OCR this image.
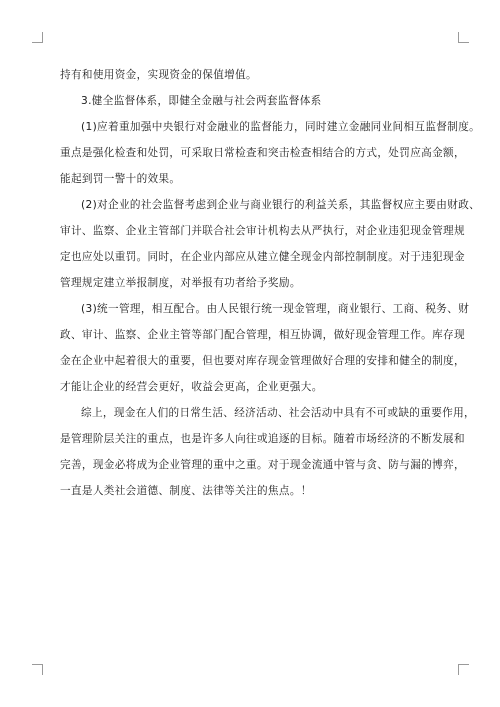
持有和使用资金，实现资金的保值增值。
3.健全监督体系，即健全金融与社会两套监督体系
(1)应着重加强中央银行对金融业的监督能力，同时建立金融同业间相互监督制度。
重点是强化检查和处罚，可采取日常检查和突击检查相结合的方式，处罚应高金额，
能起到罚一警十的效果。
(2)对企业的社会监督考虑到企业与商业银行的利益关系，其监督权应主要由财政、
审计、监察、企业主管部门并联合社会审计机构去从严执行，对企业违犯现金管理规
定也应处以重罚。同时，在企业内部应从建立健全现金内部控制制度。对于违犯现金
管理规定建立举报制度，对举报有功者给予奖励。
(3)统一管理，相互配合。由人民银行统一现金管理，商业银行、工商、税务、财
政、审计、监察、企业主管等部门配合管理，相互协调，做好现金管理工作。库存现
金在企业中起着很大的重要，但也要对库存现金管理做好合理的安排和健全的制度，
才能让企业的经营会更好，收益会更高，企业更强大。
综上，现金在人们的日常生活、经济活动、社会活动中具有不可或缺的重要作用，
是管理阶层关注的重点，也是许多人向往或追逐的目标。随着市场经济的不断发展和
完善，现金必将成为企业管理的重中之重。对于现金流通中管与贪、防与漏的博弈，
一直是人类社会道德、制度、法律等关注的焦点。！
